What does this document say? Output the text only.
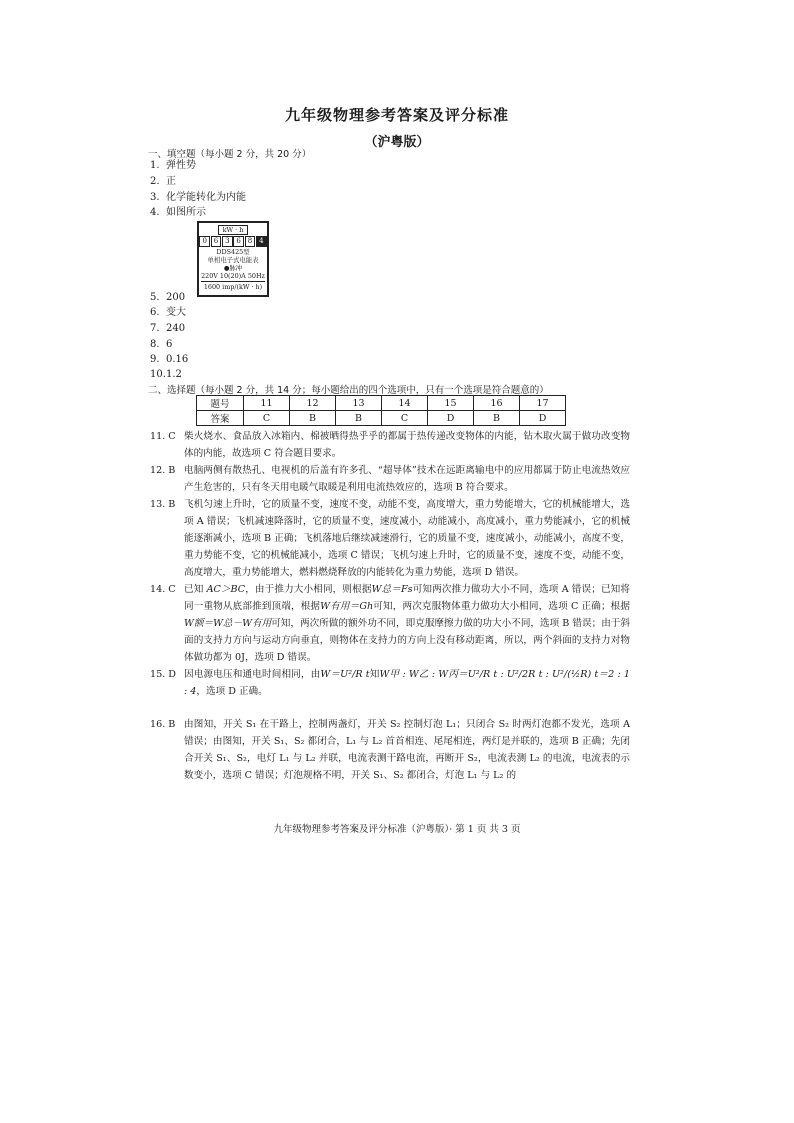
九年级物理参考答案及评分标准
（沪粤版）
一、填空题（每小题 2 分，共 20 分）
1. 弹性势
2. 正
3. 化学能转化为内能
4. 如图所示
kW · h
0 6 3 6 8 4
DDS425型
单相电子式电能表
●脉冲
220V 10(20)A 50Hz
1600 imp/(kW · h)
5. 200
6. 变大
7. 240
8. 6
9. 0.16
10.1.2
二、选择题（每小题 2 分，共 14 分；每小题给出的四个选项中，只有一个选项是符合题意的）
题号	11	12	13	14	15	16	17
答案	C	B	B	C	D	B	D
11. C 柴火烧水、食品放入冰箱内、棉被晒得热乎乎的都属于热传递改变物体的内能，钻木取火属于做功改变物体的内能，故选项 C 符合题目要求。
12. B 电脑两侧有散热孔、电视机的后盖有许多孔、“超导体”技术在远距离输电中的应用都属于防止电流热效应产生危害的，只有冬天用电暖气取暖是利用电流热效应的，选项 B 符合要求。
13. B 飞机匀速上升时，它的质量不变，速度不变，动能不变，高度增大，重力势能增大，它的机械能增大，选项 A 错误；飞机减速降落时，它的质量不变，速度减小，动能减小，高度减小，重力势能减小，它的机械能逐渐减小，选项 B 正确；飞机落地后继续减速滑行，它的质量不变，速度减小，动能减小，高度不变，重力势能不变，它的机械能减小，选项 C 错误；飞机匀速上升时，它的质量不变，速度不变，动能不变，高度增大，重力势能增大，燃料燃烧释放的内能转化为重力势能，选项 D 错误。
14. C 已知 AC＞BC，由于推力大小相同，则根据W总＝Fs可知两次推力做功大小不同，选项 A 错误；已知将同一重物从底部推到顶端，根据W有用＝Gh可知，两次克服物体重力做功大小相同，选项 C 正确；根据W额＝W总－W有用可知，两次所做的额外功不同，即克服摩擦力做的功大小不同，选项 B 错误；由于斜面的支持力方向与运动方向垂直，则物体在支持力的方向上没有移动距离，所以，两个斜面的支持力对物体做功都为 0J，选项 D 错误。
15. D 因电源电压和通电时间相同，由W＝U²/R t知W甲 : W乙 : W丙＝U²/R t : U²/2R t : U²/(½R) t＝2 : 1 : 4，选项 D 正确。
16. B 由图知，开关 S₁ 在干路上，控制两盏灯，开关 S₂ 控制灯泡 L₁；只闭合 S₂ 时两灯泡都不发光，选项 A 错误；由图知，开关 S₁、S₂ 都闭合，L₁ 与 L₂ 首首相连、尾尾相连，两灯是并联的，选项 B 正确；先闭合开关 S₁、S₂，电灯 L₁ 与 L₂ 并联，电流表测干路电流，再断开 S₂，电流表测 L₂ 的电流，电流表的示数变小，选项 C 错误；灯泡规格不明，开关 S₁、S₂ 都闭合，灯泡 L₁ 与 L₂ 的
九年级物理参考答案及评分标准（沪粤版）· 第 1 页 共 3 页
